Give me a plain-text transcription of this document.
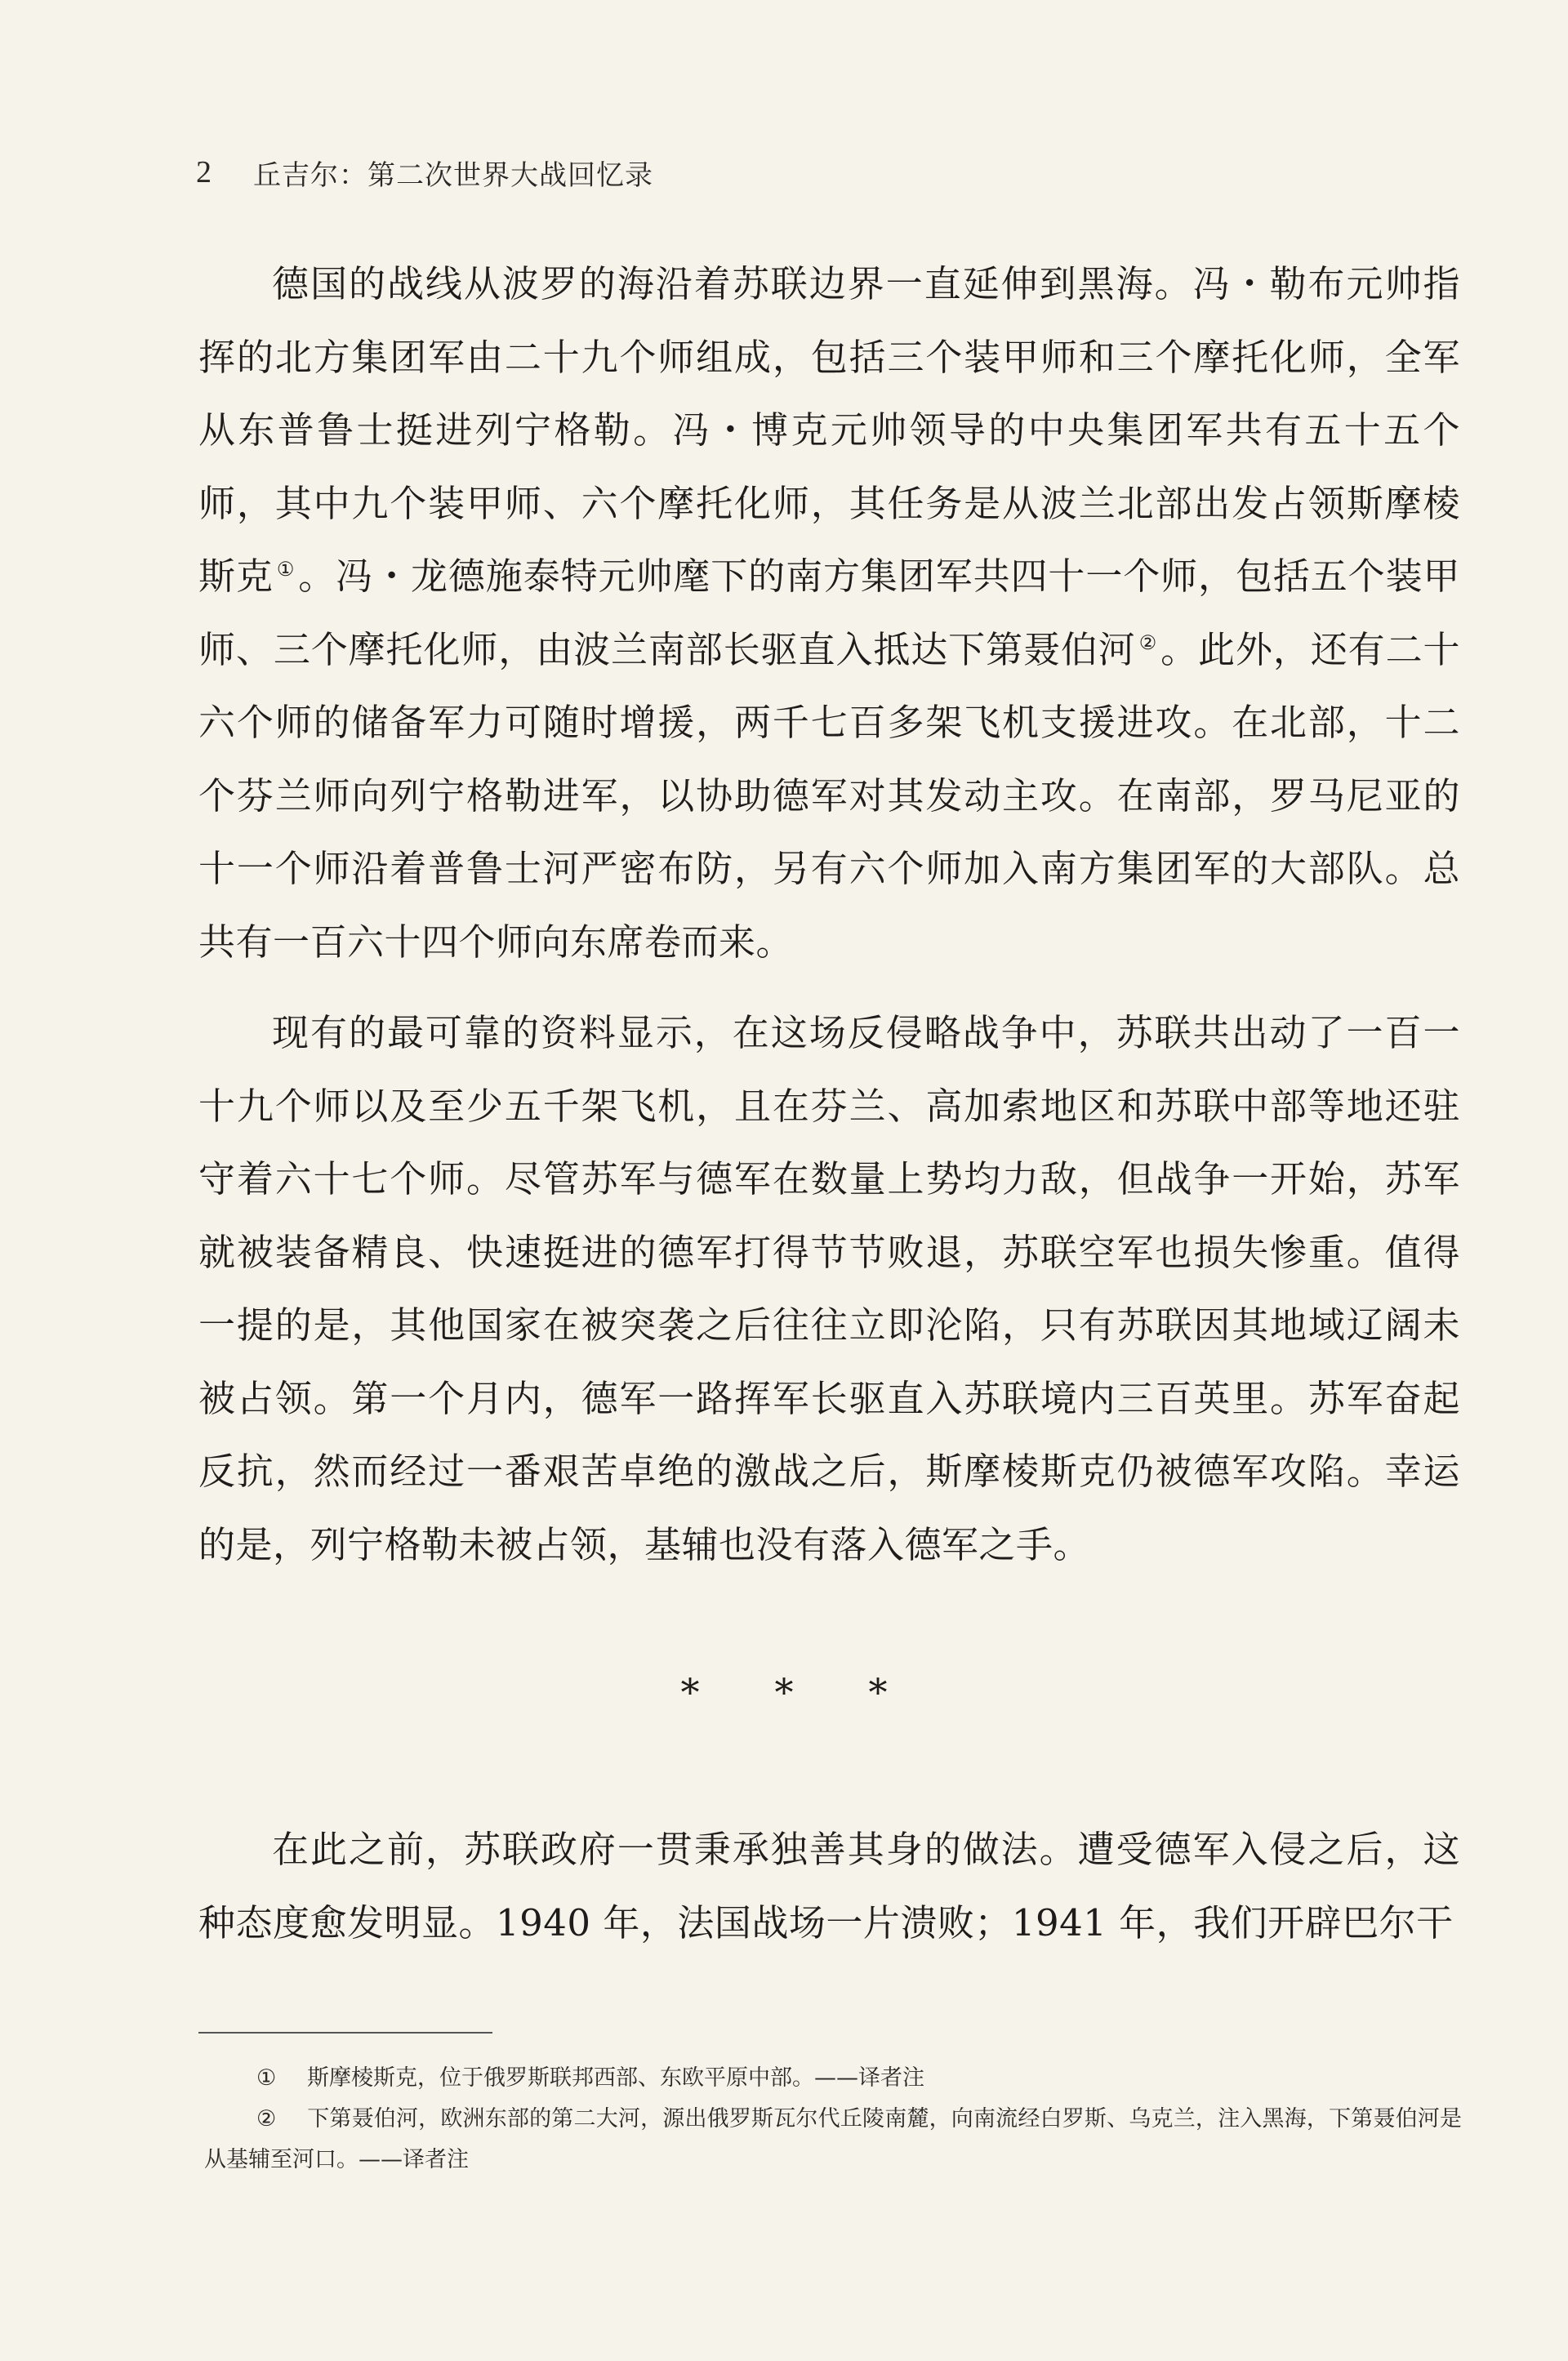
2	丘吉尔：第二次世界大战回忆录

德国的战线从波罗的海沿着苏联边界一直延伸到黑海。冯・勒布元帅指挥的北方集团军由二十九个师组成，包括三个装甲师和三个摩托化师，全军从东普鲁士挺进列宁格勒。冯・博克元帅领导的中央集团军共有五十五个师，其中九个装甲师、六个摩托化师，其任务是从波兰北部出发占领斯摩棱斯克 ①。冯・龙德施泰特元帅麾下的南方集团军共四十一个师，包括五个装甲师、三个摩托化师，由波兰南部长驱直入抵达下第聂伯河 ②。此外，还有二十六个师的储备军力可随时增援，两千七百多架飞机支援进攻。在北部，十二个芬兰师向列宁格勒进军，以协助德军对其发动主攻。在南部，罗马尼亚的十一个师沿着普鲁士河严密布防，另有六个师加入南方集团军的大部队。总共有一百六十四个师向东席卷而来。

现有的最可靠的资料显示，在这场反侵略战争中，苏联共出动了一百一十九个师以及至少五千架飞机，且在芬兰、高加索地区和苏联中部等地还驻守着六十七个师。尽管苏军与德军在数量上势均力敌，但战争一开始，苏军就被装备精良、快速挺进的德军打得节节败退，苏联空军也损失惨重。值得一提的是，其他国家在被突袭之后往往立即沦陷，只有苏联因其地域辽阔未被占领。第一个月内，德军一路挥军长驱直入苏联境内三百英里。苏军奋起反抗，然而经过一番艰苦卓绝的激战之后，斯摩棱斯克仍被德军攻陷。幸运的是，列宁格勒未被占领，基辅也没有落入德军之手。

* * *

在此之前，苏联政府一贯秉承独善其身的做法。遭受德军入侵之后，这种态度愈发明显。1940 年，法国战场一片溃败；1941 年，我们开辟巴尔干

① 斯摩棱斯克，位于俄罗斯联邦西部、东欧平原中部。——译者注

② 下第聂伯河，欧洲东部的第二大河，源出俄罗斯瓦尔代丘陵南麓，向南流经白罗斯、乌克兰，注入黑海，下第聂伯河是从基辅至河口。——译者注
